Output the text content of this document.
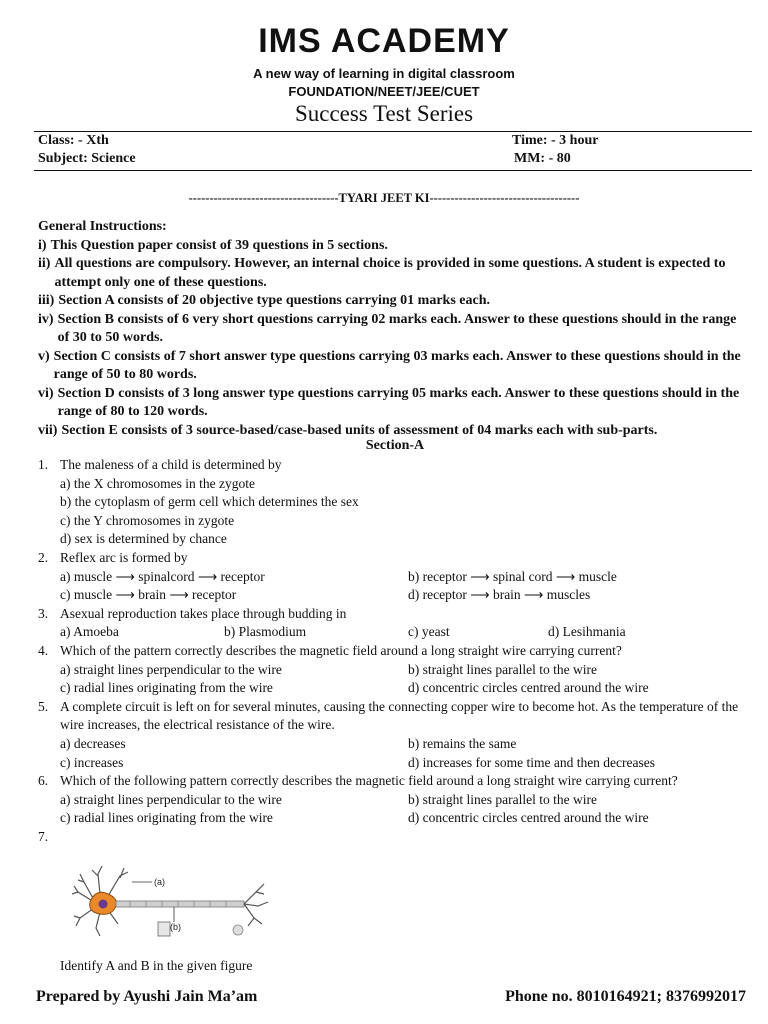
IMS ACADEMY
A new way of learning in digital classroom
FOUNDATION/NEET/JEE/CUET
Success Test Series
Class: - Xth	Time: - 3 hour
Subject: Science	MM: - 80
------------------------------------TYARI JEET KI------------------------------------
General Instructions:
i) This Question paper consist of 39 questions in 5 sections.
ii) All questions are compulsory. However, an internal choice is provided in some questions. A student is expected to attempt only one of these questions.
iii) Section A consists of 20 objective type questions carrying 01 marks each.
iv) Section B consists of 6 very short questions carrying 02 marks each. Answer to these questions should in the range of 30 to 50 words.
v) Section C consists of 7 short answer type questions carrying 03 marks each. Answer to these questions should in the range of 50 to 80 words.
vi) Section D consists of 3 long answer type questions carrying 05 marks each. Answer to these questions should in the range of 80 to 120 words.
vii) Section E consists of 3 source-based/case-based units of assessment of 04 marks each with sub-parts.
Section-A
1. The maleness of a child is determined by
a) the X chromosomes in the zygote
b) the cytoplasm of germ cell which determines the sex
c) the Y chromosomes in zygote
d) sex is determined by chance
2. Reflex arc is formed by
a) muscle ⟶ spinalcord ⟶ receptor	b) receptor ⟶ spinal cord ⟶ muscle
c) muscle ⟶ brain ⟶ receptor	d) receptor ⟶ brain ⟶ muscles
3. Asexual reproduction takes place through budding in
a) Amoeba	b) Plasmodium	c) yeast	d) Lesihmania
4. Which of the pattern correctly describes the magnetic field around a long straight wire carrying current?
a) straight lines perpendicular to the wire	b) straight lines parallel to the wire
c) radial lines originating from the wire	d) concentric circles centred around the wire
5. A complete circuit is left on for several minutes, causing the connecting copper wire to become hot. As the temperature of the wire increases, the electrical resistance of the wire.
a) decreases	b) remains the same
c) increases	d) increases for some time and then decreases
6. Which of the following pattern correctly describes the magnetic field around a long straight wire carrying current?
a) straight lines perpendicular to the wire	b) straight lines parallel to the wire
c) radial lines originating from the wire	d) concentric circles centred around the wire
7.

(a)
(b)
Identify A and B in the given figure
Prepared by Ayushi Jain Ma’am	Phone no. 8010164921; 8376992017
